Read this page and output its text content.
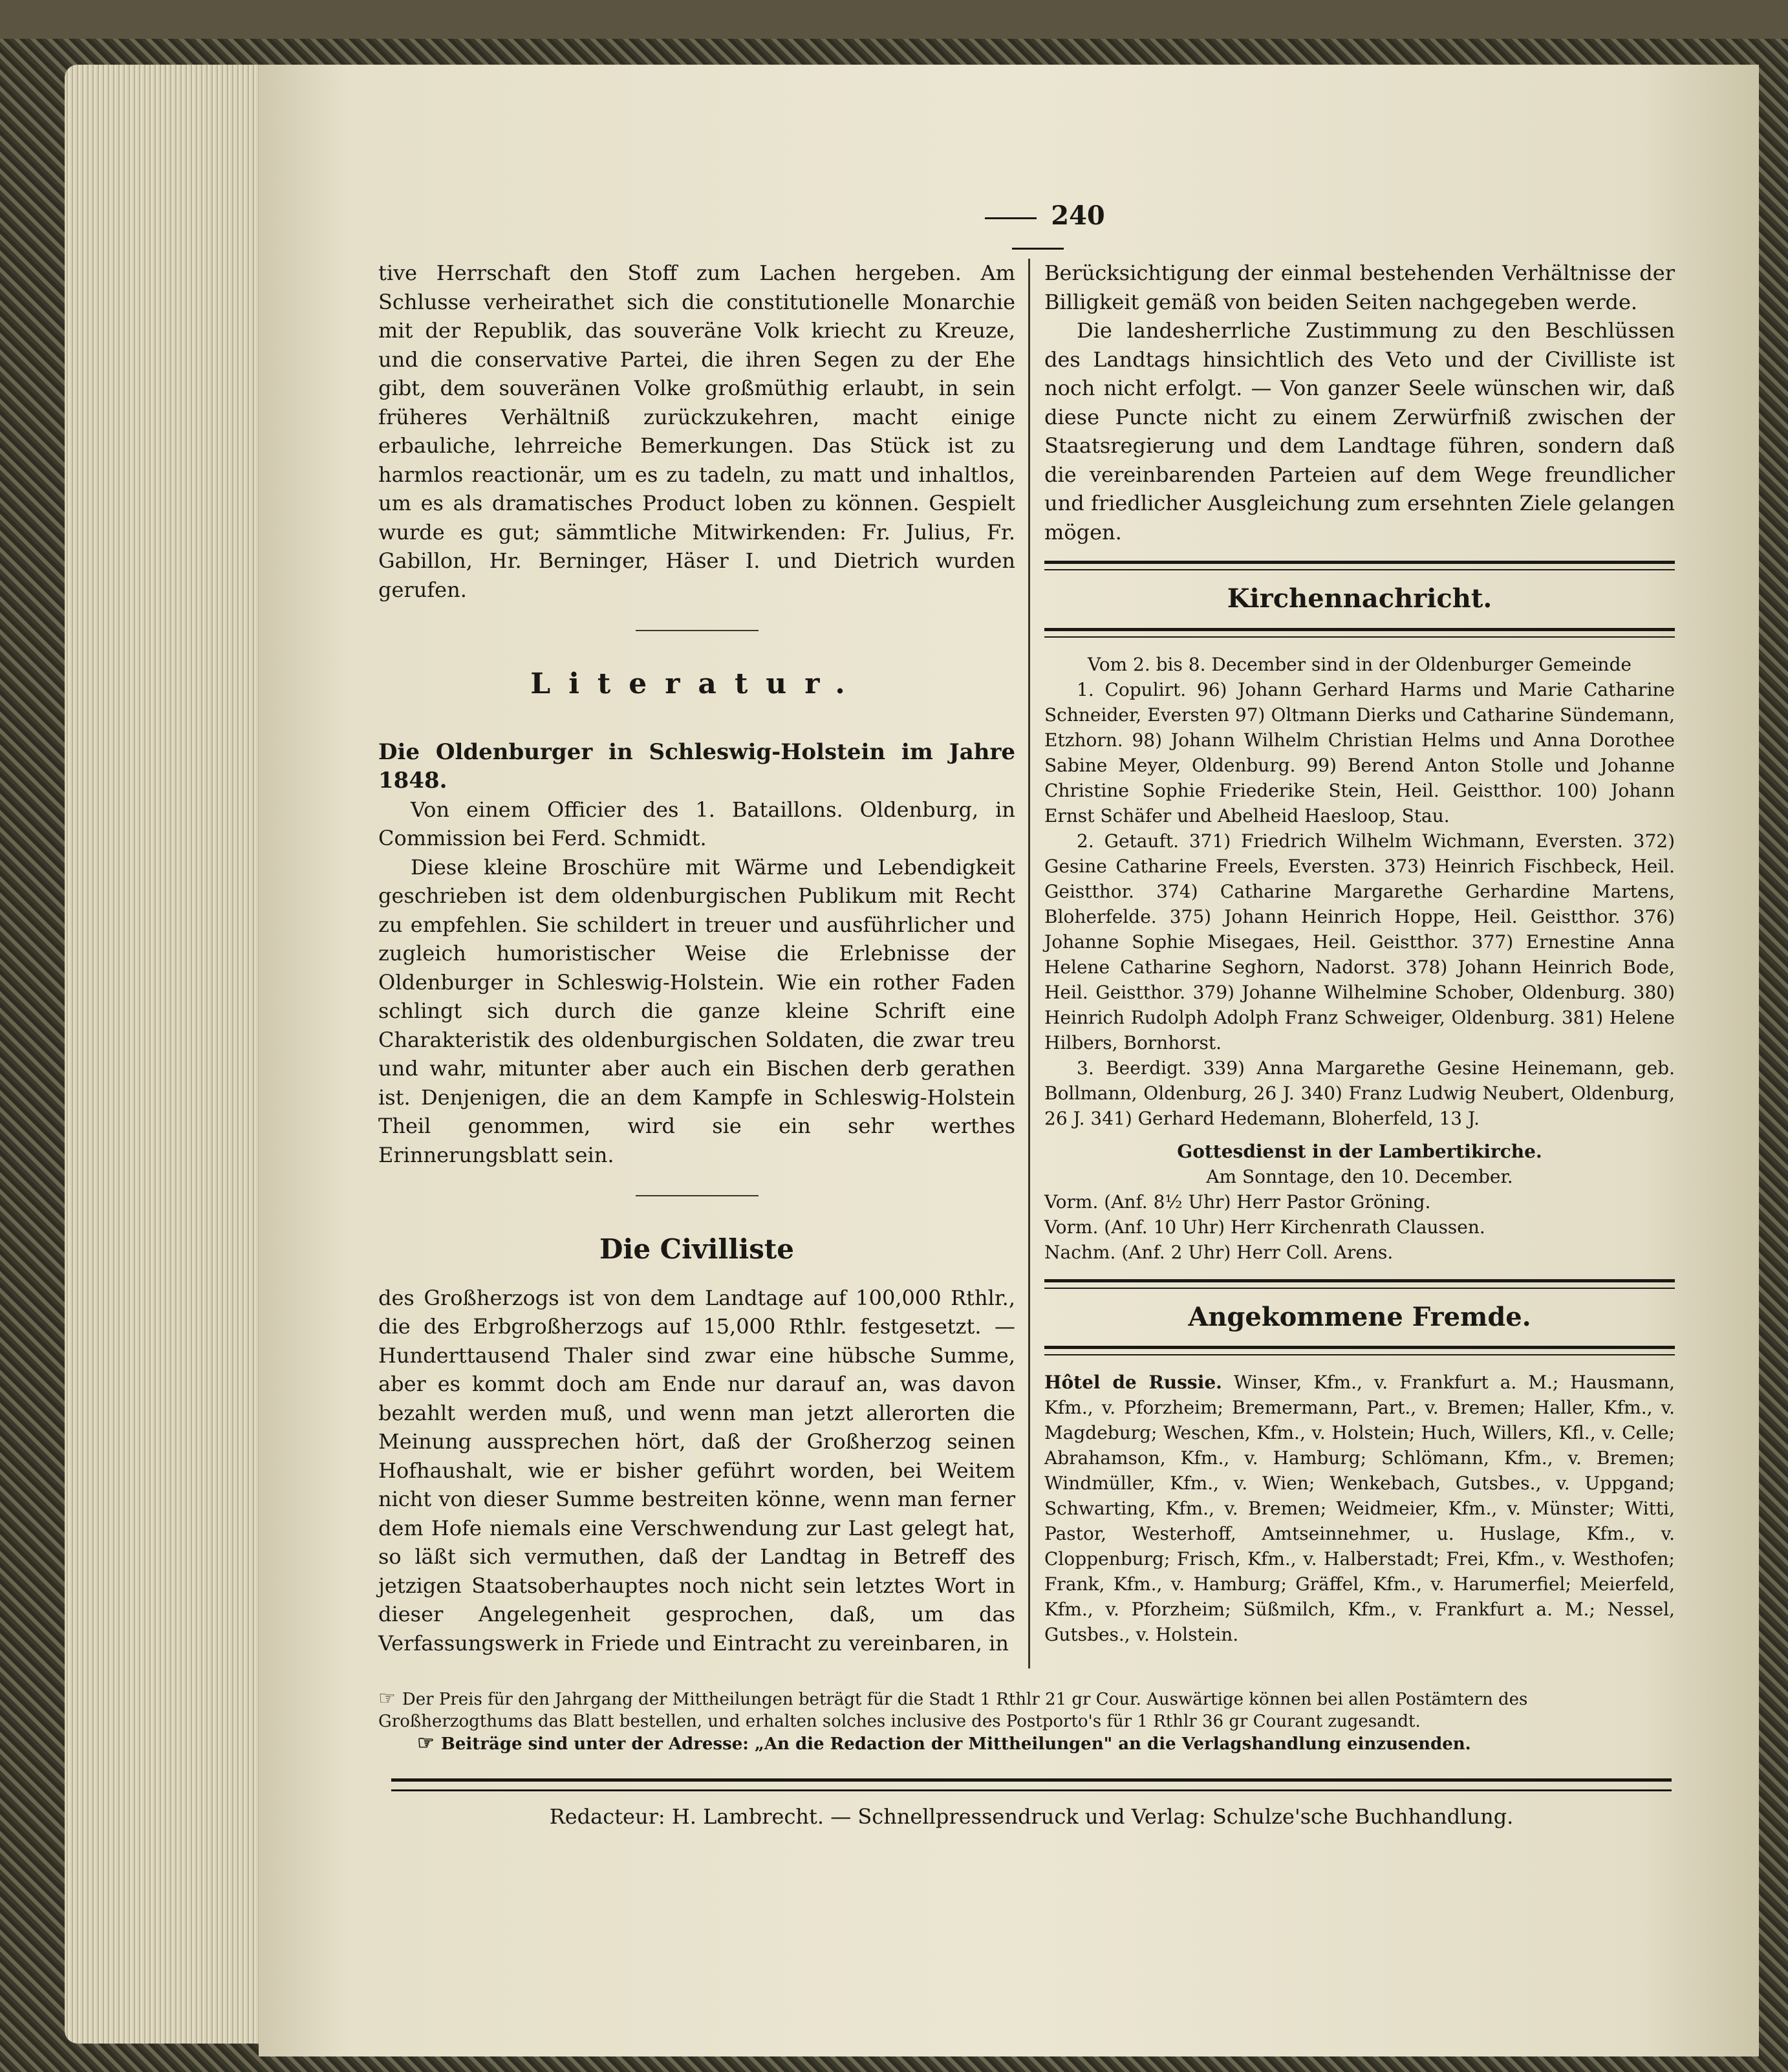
240

tive Herrschaft den Stoff zum Lachen hergeben. Am Schlusse verheirathet sich die constitutionelle Monarchie mit der Republik, das souveräne Volk kriecht zu Kreuze, und die conservative Partei, die ihren Segen zu der Ehe gibt, dem souveränen Volke großmüthig erlaubt, in sein früheres Verhältniß zurückzukehren, macht einige erbauliche, lehrreiche Bemerkungen. Das Stück ist zu harmlos reactionär, um es zu tadeln, zu matt und inhaltlos, um es als dramatisches Product loben zu können. Gespielt wurde es gut; sämmtliche Mitwirkenden: Fr. Julius, Fr. Gabillon, Hr. Berninger, Häser I. und Dietrich wurden gerufen.

Literatur.

Die Oldenburger in Schleswig-Holstein im Jahre 1848.

Von einem Officier des 1. Bataillons. Oldenburg, in Commission bei Ferd. Schmidt.

Diese kleine Broschüre mit Wärme und Lebendigkeit geschrieben ist dem oldenburgischen Publikum mit Recht zu empfehlen. Sie schildert in treuer und ausführlicher und zugleich humoristischer Weise die Erlebnisse der Oldenburger in Schleswig-Holstein. Wie ein rother Faden schlingt sich durch die ganze kleine Schrift eine Charakteristik des oldenburgischen Soldaten, die zwar treu und wahr, mitunter aber auch ein Bischen derb gerathen ist. Denjenigen, die an dem Kampfe in Schleswig-Holstein Theil genommen, wird sie ein sehr werthes Erinnerungsblatt sein.

Die Civilliste

des Großherzogs ist von dem Landtage auf 100,000 Rthlr., die des Erbgroßherzogs auf 15,000 Rthlr. festgesetzt. — Hunderttausend Thaler sind zwar eine hübsche Summe, aber es kommt doch am Ende nur darauf an, was davon bezahlt werden muß, und wenn man jetzt allerorten die Meinung aussprechen hört, daß der Großherzog seinen Hofhaushalt, wie er bisher geführt worden, bei Weitem nicht von dieser Summe bestreiten könne, wenn man ferner dem Hofe niemals eine Verschwendung zur Last gelegt hat, so läßt sich vermuthen, daß der Landtag in Betreff des jetzigen Staatsoberhauptes noch nicht sein letztes Wort in dieser Angelegenheit gesprochen, daß, um das Verfassungswerk in Friede und Eintracht zu vereinbaren, in

Berücksichtigung der einmal bestehenden Verhältnisse der Billigkeit gemäß von beiden Seiten nachgegeben werde.

Die landesherrliche Zustimmung zu den Beschlüssen des Landtags hinsichtlich des Veto und der Civilliste ist noch nicht erfolgt. — Von ganzer Seele wünschen wir, daß diese Puncte nicht zu einem Zerwürfniß zwischen der Staatsregierung und dem Landtage führen, sondern daß die vereinbarenden Parteien auf dem Wege freundlicher und friedlicher Ausgleichung zum ersehnten Ziele gelangen mögen.

Kirchennachricht.

Vom 2. bis 8. December sind in der Oldenburger Gemeinde

1. Copulirt. 96) Johann Gerhard Harms und Marie Catharine Schneider, Eversten 97) Oltmann Dierks und Catharine Sündemann, Etzhorn. 98) Johann Wilhelm Christian Helms und Anna Dorothee Sabine Meyer, Oldenburg. 99) Berend Anton Stolle und Johanne Christine Sophie Friederike Stein, Heil. Geistthor. 100) Johann Ernst Schäfer und Abelheid Haesloop, Stau.

2. Getauft. 371) Friedrich Wilhelm Wichmann, Eversten. 372) Gesine Catharine Freels, Eversten. 373) Heinrich Fischbeck, Heil. Geistthor. 374) Catharine Margarethe Gerhardine Martens, Bloherfelde. 375) Johann Heinrich Hoppe, Heil. Geistthor. 376) Johanne Sophie Misegaes, Heil. Geistthor. 377) Ernestine Anna Helene Catharine Seghorn, Nadorst. 378) Johann Heinrich Bode, Heil. Geistthor. 379) Johanne Wilhelmine Schober, Oldenburg. 380) Heinrich Rudolph Adolph Franz Schweiger, Oldenburg. 381) Helene Hilbers, Bornhorst.

3. Beerdigt. 339) Anna Margarethe Gesine Heinemann, geb. Bollmann, Oldenburg, 26 J. 340) Franz Ludwig Neubert, Oldenburg, 26 J. 341) Gerhard Hedemann, Bloherfeld, 13 J.

Gottesdienst in der Lambertikirche.

Am Sonntage, den 10. December.

Vorm. (Anf. 8½ Uhr) Herr Pastor Gröning.

Vorm. (Anf. 10 Uhr) Herr Kirchenrath Claussen.

Nachm. (Anf. 2 Uhr) Herr Coll. Arens.

Angekommene Fremde.

Hôtel de Russie. Winser, Kfm., v. Frankfurt a. M.; Hausmann, Kfm., v. Pforzheim; Bremermann, Part., v. Bremen; Haller, Kfm., v. Magdeburg; Weschen, Kfm., v. Holstein; Huch, Willers, Kfl., v. Celle; Abrahamson, Kfm., v. Hamburg; Schlömann, Kfm., v. Bremen; Windmüller, Kfm., v. Wien; Wenkebach, Gutsbes., v. Uppgand; Schwarting, Kfm., v. Bremen; Weidmeier, Kfm., v. Münster; Witti, Pastor, Westerhoff, Amtseinnehmer, u. Huslage, Kfm., v. Cloppenburg; Frisch, Kfm., v. Halberstadt; Frei, Kfm., v. Westhofen; Frank, Kfm., v. Hamburg; Gräffel, Kfm., v. Harumerfiel; Meierfeld, Kfm., v. Pforzheim; Süßmilch, Kfm., v. Frankfurt a. M.; Nessel, Gutsbes., v. Holstein.

☞ Der Preis für den Jahrgang der Mittheilungen beträgt für die Stadt 1 Rthlr 21 gr Cour. Auswärtige können bei allen Postämtern des Großherzogthums das Blatt bestellen, und erhalten solches inclusive des Postporto's für 1 Rthlr 36 gr Courant zugesandt.

☞ Beiträge sind unter der Adresse: „An die Redaction der Mittheilungen" an die Verlagshandlung einzusenden.

Redacteur: H. Lambrecht. — Schnellpressendruck und Verlag: Schulze'sche Buchhandlung.
